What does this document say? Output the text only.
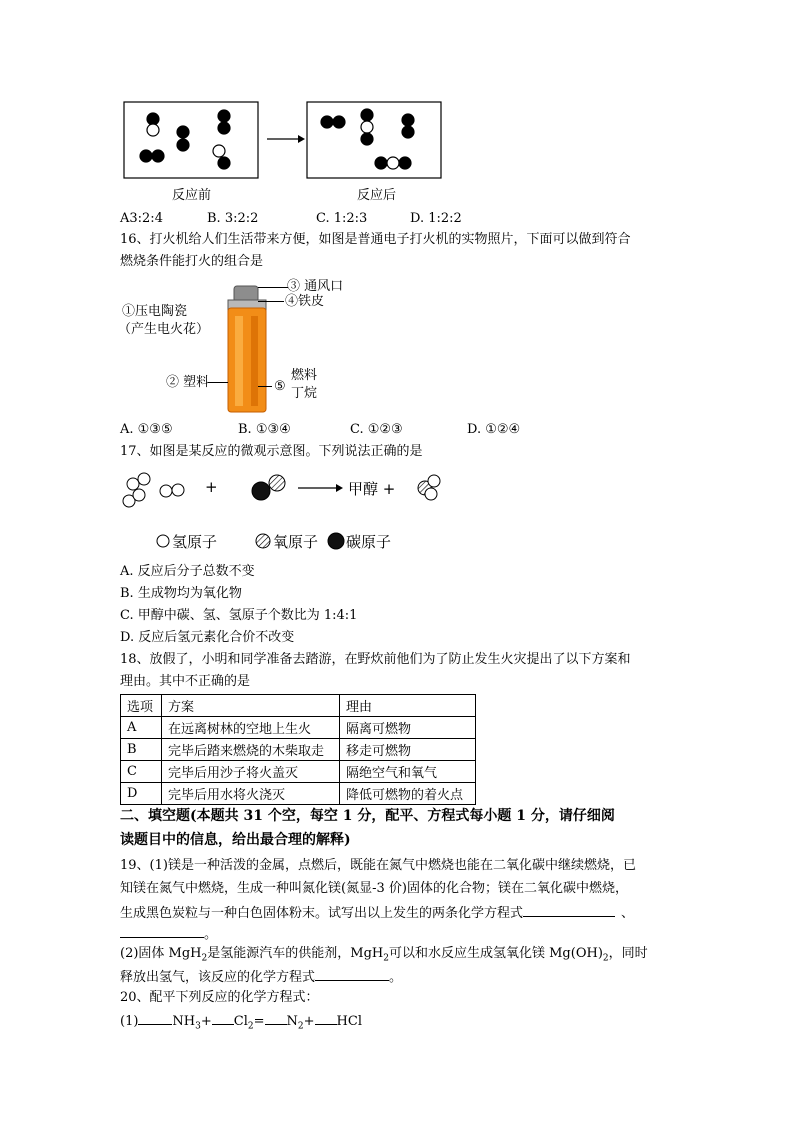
反应前	反应后
A3:2:4	B. 3:2:2	C. 1:2:3	D. 1:2:2
16、打火机给人们生活带来方便，如图是普通电子打火机的实物照片，下面可以做到符合
燃烧条件能打火的组合是
③ 通风口
④铁皮
①压电陶瓷
（产生电火花）
② 塑料	⑤
燃料
丁烷
A. ①③⑤	B. ①③④	C. ①②③	D. ①②④
17、如图是某反应的微观示意图。下列说法正确的是
+	甲醇 +
氢原子	氧原子 碳原子
A. 反应后分子总数不变
B. 生成物均为氧化物
C. 甲醇中碳、氢、氢原子个数比为 1:4:1
D. 反应后氢元素化合价不改变
18、放假了，小明和同学准备去踏游，在野炊前他们为了防止发生火灾提出了以下方案和
理由。其中不正确的是
选项	方案	理由
A	在远离树林的空地上生火	隔离可燃物
B	完毕后踏来燃烧的木柴取走	移走可燃物
C	完毕后用沙子将火盖灭	隔绝空气和氧气
D	完毕后用水将火浇灭	降低可燃物的着火点
二、填空题(本题共 31 个空，每空 1 分，配平、方程式每小题 1 分，请仔细阅
读题目中的信息，给出最合理的解释)
19、(1)镁是一种活泼的金属，点燃后，既能在氮气中燃烧也能在二氧化碳中继续燃烧，已
知镁在氮气中燃烧，生成一种叫氮化镁(氮显-3 价)固体的化合物；镁在二氧化碳中燃烧，
生成黑色炭粒与一种白色固体粉末。试写出以上发生的两条化学方程式	、
。
(2)固体 MgH$_2$是氢能源汽车的供能剂，MgH$_2$可以和水反应生成氢氧化镁 $Mg(OH)_2$，同时
释放出氢气，该反应的化学方程式	。
20、配平下列反应的化学方程式：
(1)	$NH_3+ Cl_2= N_2+$ HCl
